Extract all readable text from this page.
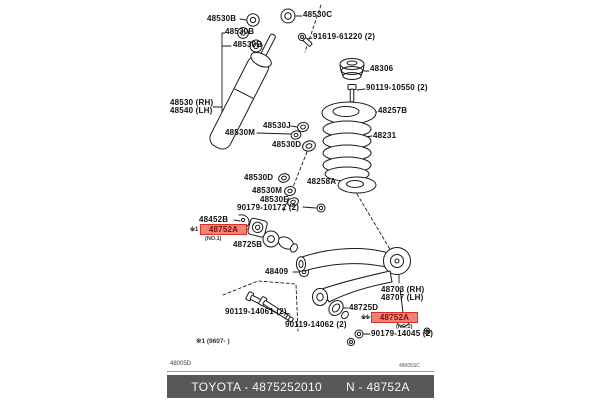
48530B
48530B
48530B
48530C
91619-61220 (2)
48306
90119-10550 (2)
48257B
48231
48530 (RH)
48540 (LH)
48530J
48530M
48530D
48530D
48530M
48530E
90179-10172 (2)
48258A
48452B
※1	48752A
(NO.1)
48725B
48409
90119-14061 (2)
90119-14062 (2)
48725D
※1	48752A
(NO.2)
90179-14045 (2)
48703 (RH)
48707 (LH)
※1 (9607- )
48005D	48005SC
TOYOTA - 4875252010 N - 48752A
